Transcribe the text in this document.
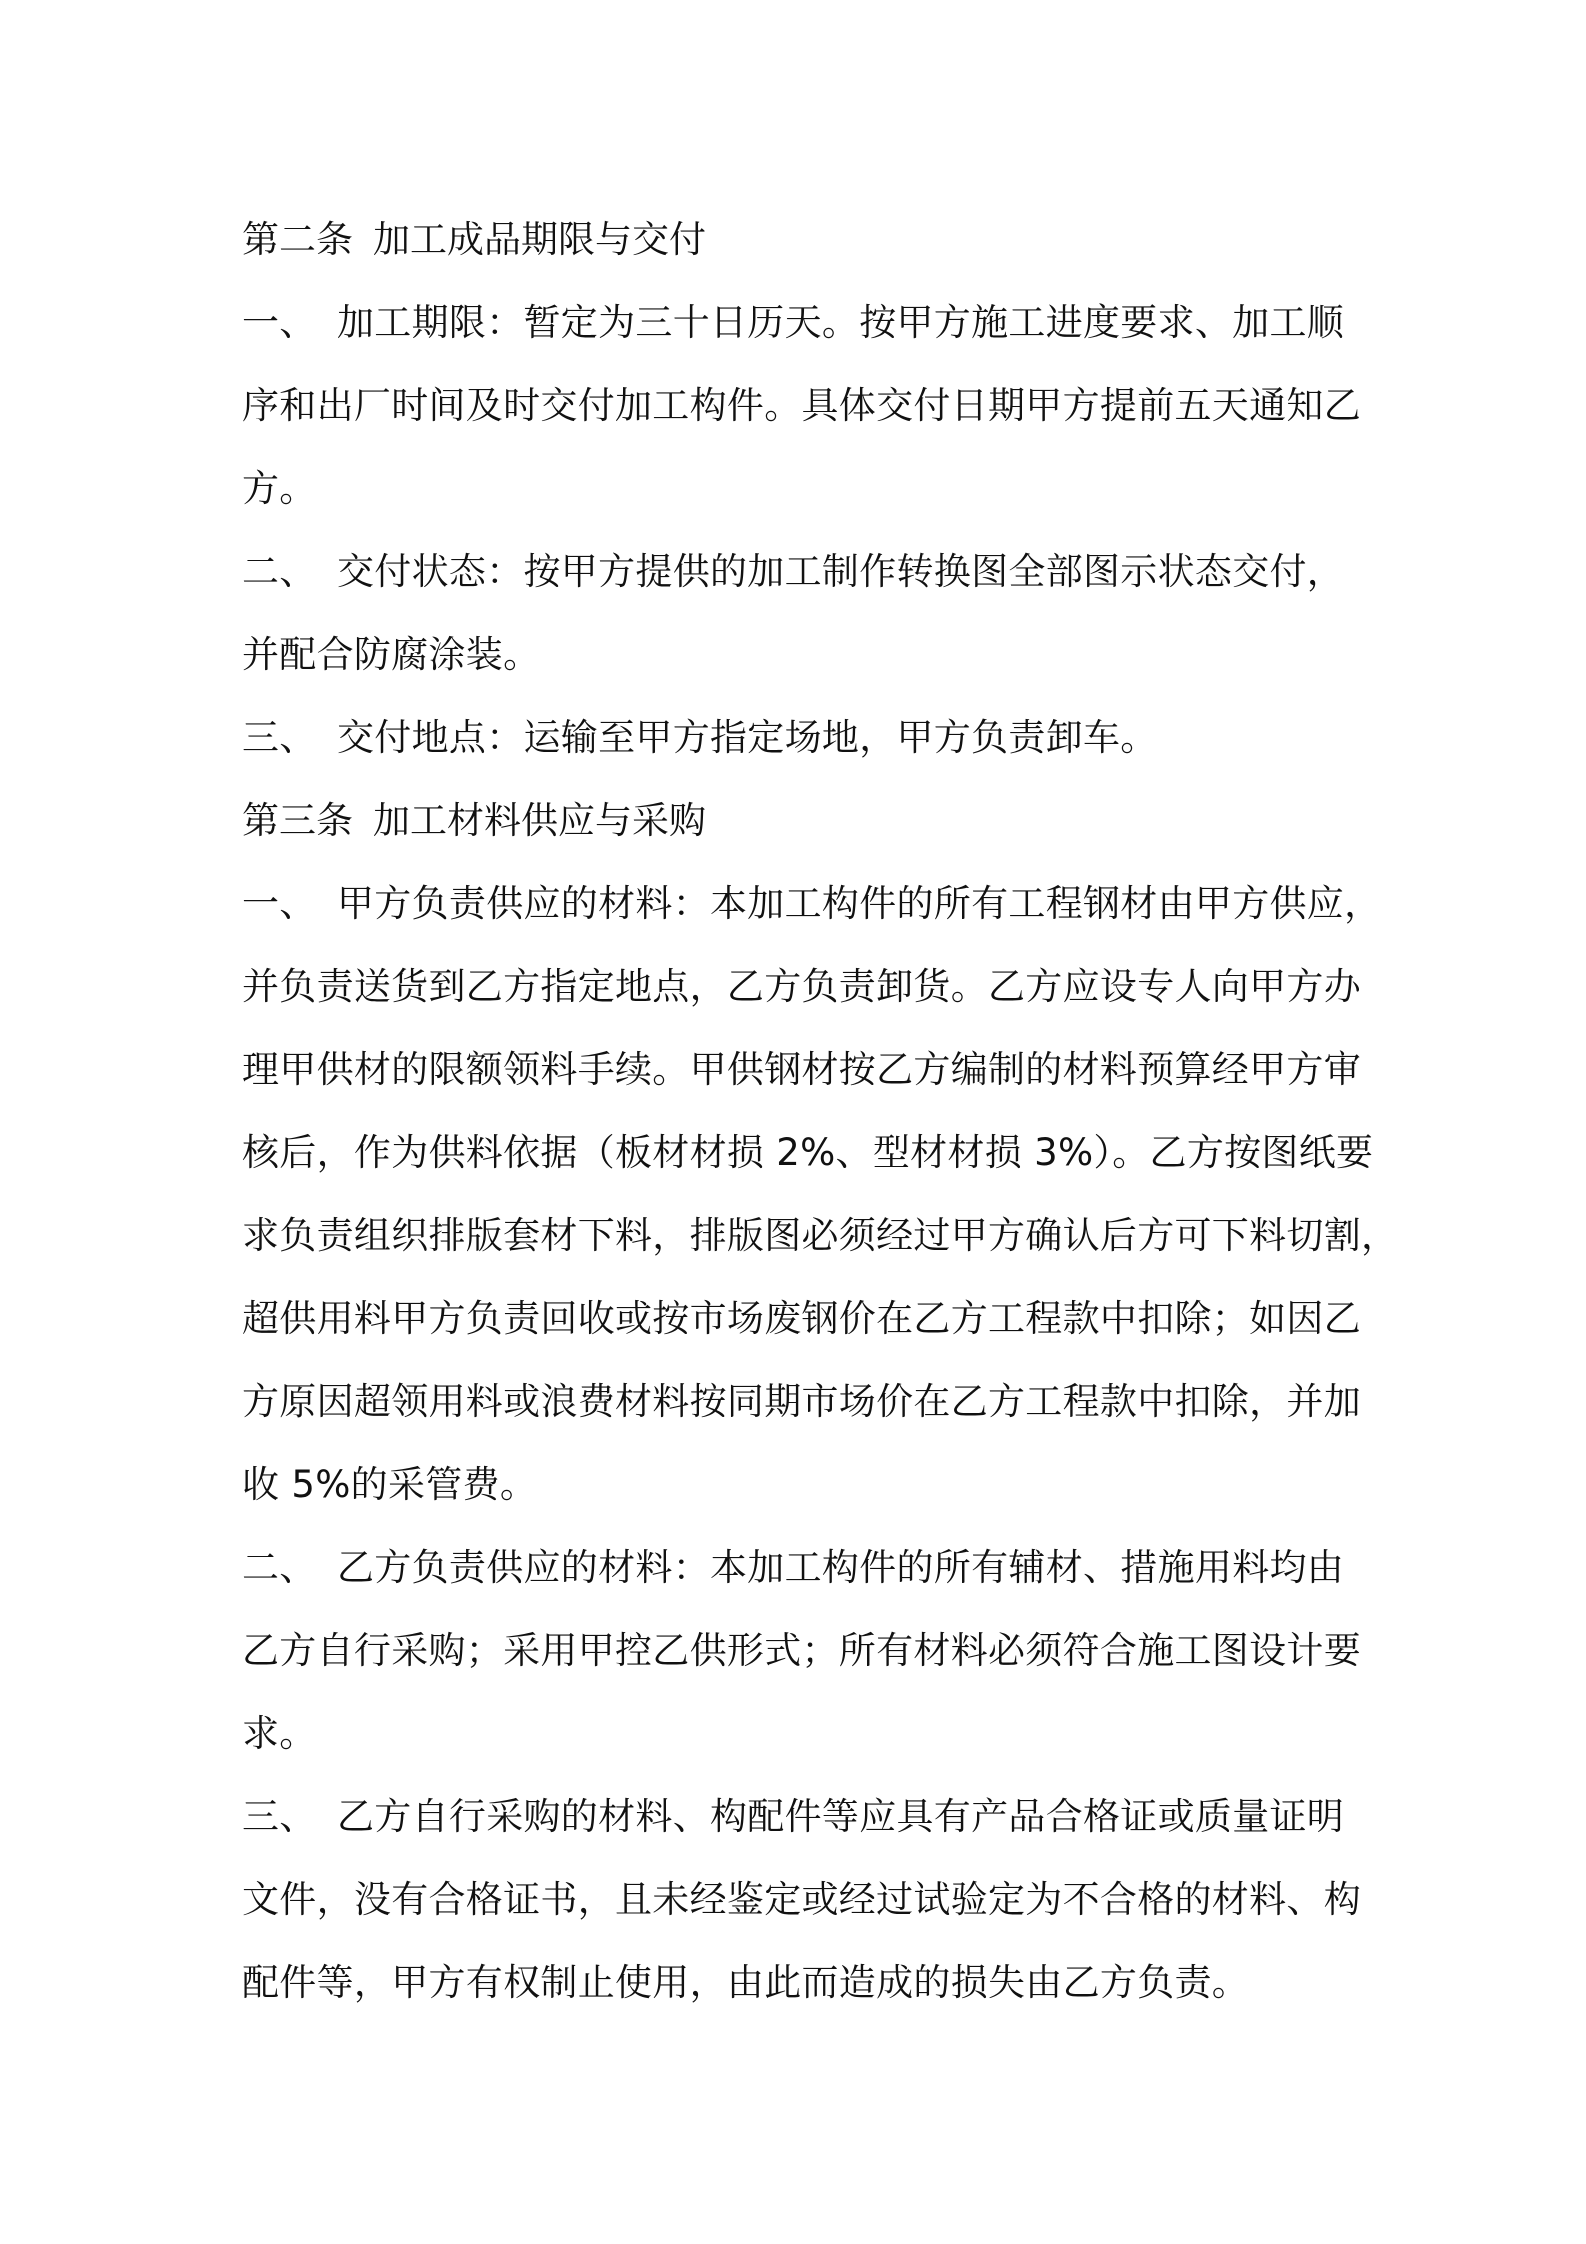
第二条 加工成品期限与交付
一、 加工期限：暂定为三十日历天。按甲方施工进度要求、加工顺
序和出厂时间及时交付加工构件。具体交付日期甲方提前五天通知乙
方。
二、 交付状态：按甲方提供的加工制作转换图全部图示状态交付，
并配合防腐涂装。
三、 交付地点：运输至甲方指定场地，甲方负责卸车。
第三条 加工材料供应与采购
一、 甲方负责供应的材料：本加工构件的所有工程钢材由甲方供应，
并负责送货到乙方指定地点，乙方负责卸货。乙方应设专人向甲方办
理甲供材的限额领料手续。甲供钢材按乙方编制的材料预算经甲方审
核后，作为供料依据（板材材损 2%、型材材损 3%）。乙方按图纸要
求负责组织排版套材下料，排版图必须经过甲方确认后方可下料切割，
超供用料甲方负责回收或按市场废钢价在乙方工程款中扣除；如因乙
方原因超领用料或浪费材料按同期市场价在乙方工程款中扣除，并加
收 5%的采管费。
二、 乙方负责供应的材料：本加工构件的所有辅材、措施用料均由
乙方自行采购；采用甲控乙供形式；所有材料必须符合施工图设计要
求。
三、 乙方自行采购的材料、构配件等应具有产品合格证或质量证明
文件，没有合格证书，且未经鉴定或经过试验定为不合格的材料、构
配件等，甲方有权制止使用，由此而造成的损失由乙方负责。
